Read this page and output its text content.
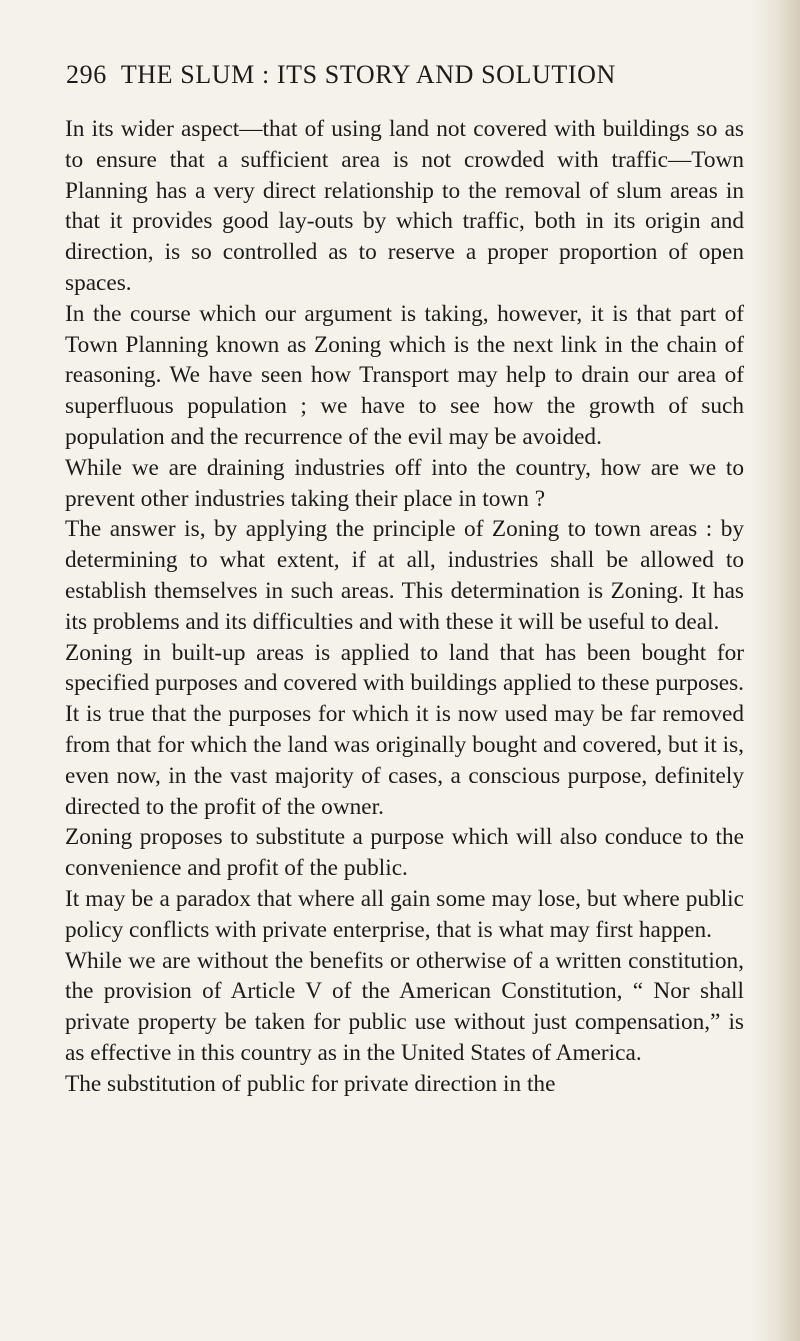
296 THE SLUM : ITS STORY AND SOLUTION

In its wider aspect—that of using land not covered with buildings so as to ensure that a sufficient area is not crowded with traffic—Town Planning has a very direct relationship to the removal of slum areas in that it provides good lay-outs by which traffic, both in its origin and direction, is so controlled as to reserve a proper proportion of open spaces.

In the course which our argument is taking, however, it is that part of Town Planning known as Zoning which is the next link in the chain of reasoning. We have seen how Transport may help to drain our area of superfluous population ; we have to see how the growth of such population and the recurrence of the evil may be avoided.

While we are draining industries off into the country, how are we to prevent other industries taking their place in town ?

The answer is, by applying the principle of Zoning to town areas : by determining to what extent, if at all, industries shall be allowed to establish themselves in such areas. This determination is Zoning. It has its problems and its difficulties and with these it will be useful to deal.

Zoning in built-up areas is applied to land that has been bought for specified purposes and covered with buildings applied to these purposes. It is true that the purposes for which it is now used may be far removed from that for which the land was originally bought and covered, but it is, even now, in the vast majority of cases, a conscious purpose, definitely directed to the profit of the owner.

Zoning proposes to substitute a purpose which will also conduce to the convenience and profit of the public.

It may be a paradox that where all gain some may lose, but where public policy conflicts with private enterprise, that is what may first happen.

While we are without the benefits or otherwise of a written constitution, the provision of Article V of the American Constitution, “ Nor shall private property be taken for public use without just compensation,” is as effective in this country as in the United States of America.

The substitution of public for private direction in the
